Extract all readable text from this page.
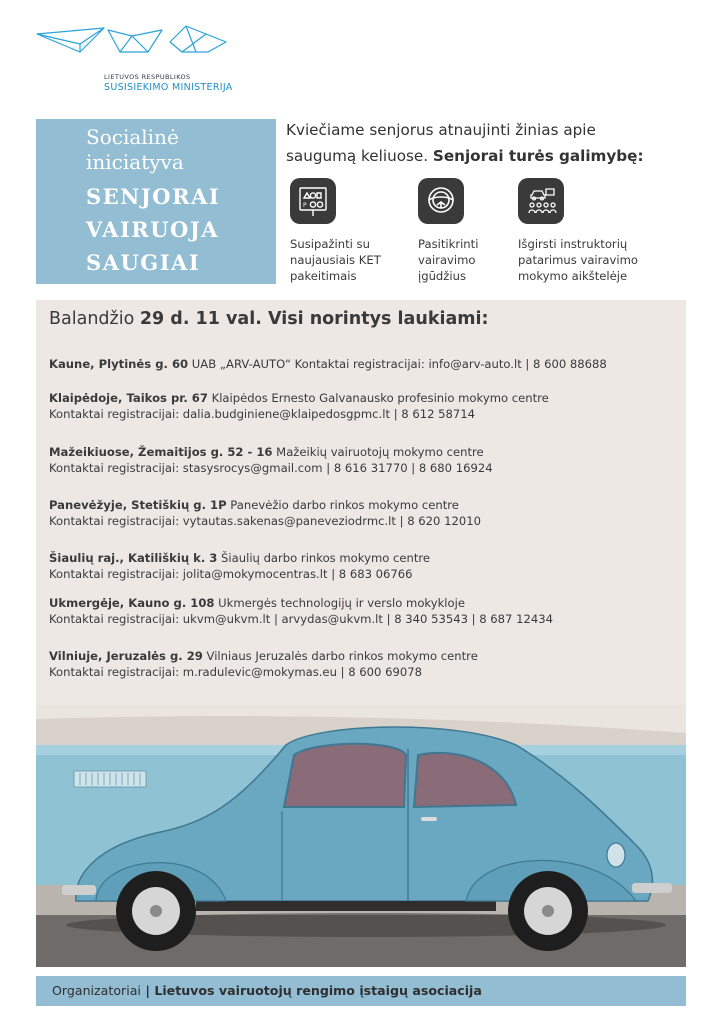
LIETUVOS RESPUBLIKOS
SUSISIEKIMO MINISTERIJA
Socialinė
iniciatyva
SENJORAI
VAIRUOJA
SAUGIAI
Kviečiame senjorus atnaujinti žinias apie
saugumą keliuose. Senjorai turės galimybę:
P
Susipažinti su
naujausiais KET
pakeitimais
Pasitikrinti
vairavimo
įgūdžius
Išgirsti instruktorių
patarimus vairavimo
mokymo aikštelėje
Balandžio 29 d. 11 val. Visi norintys laukiami:
Kaune, Plytinės g. 60 UAB „ARV-AUTO“ Kontaktai registracijai: info@arv-auto.lt | 8 600 88688
Klaipėdoje, Taikos pr. 67 Klaipėdos Ernesto Galvanausko profesinio mokymo centre
Kontaktai registracijai: dalia.budginiene@klaipedosgpmc.lt | 8 612 58714
Mažeikiuose, Žemaitijos g. 52 - 16 Mažeikių vairuotojų mokymo centre
Kontaktai registracijai: stasysrocys@gmail.com | 8 616 31770 | 8 680 16924
Panevėžyje, Stetiškių g. 1P Panevėžio darbo rinkos mokymo centre
Kontaktai registracijai: vytautas.sakenas@paneveziodrmc.lt | 8 620 12010
Šiaulių raj., Katiliškių k. 3 Šiaulių darbo rinkos mokymo centre
Kontaktai registracijai: jolita@mokymocentras.lt | 8 683 06766
Ukmergėje, Kauno g. 108 Ukmergės technologijų ir verslo mokykloje
Kontaktai registracijai: ukvm@ukvm.lt | arvydas@ukvm.lt | 8 340 53543 | 8 687 12434
Vilniuje, Jeruzalės g. 29 Vilniaus Jeruzalės darbo rinkos mokymo centre
Kontaktai registracijai: m.radulevic@mokymas.eu | 8 600 69078
Organizatoriai | Lietuvos vairuotojų rengimo įstaigų asociacija
